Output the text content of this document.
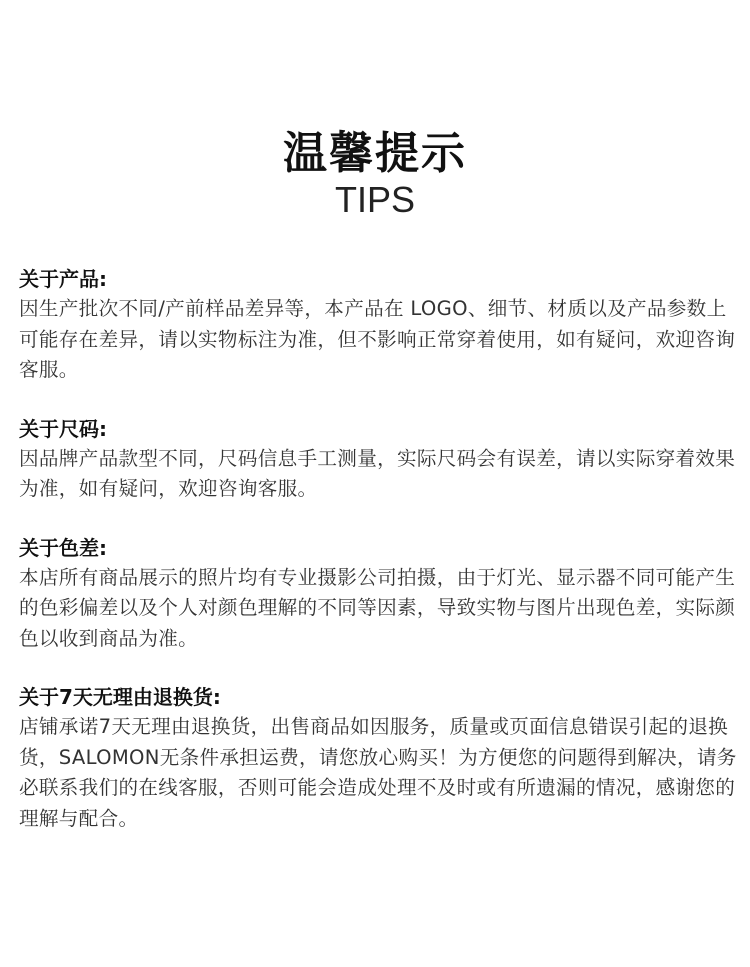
温馨提示
TIPS
关于产品:

因生产批次不同/产前样品差异等，本产品在 LOGO、细节、材质以及产品参数上可能存在差异，请以实物标注为准，但不影响正常穿着使用，如有疑问，欢迎咨询客服。

关于尺码:

因品牌产品款型不同，尺码信息手工测量，实际尺码会有误差，请以实际穿着效果为准，如有疑问，欢迎咨询客服。

关于色差:

本店所有商品展示的照片均有专业摄影公司拍摄，由于灯光、显示器不同可能产生的色彩偏差以及个人对颜色理解的不同等因素，导致实物与图片出现色差，实际颜色以收到商品为准。

关于7天无理由退换货:

店铺承诺7天无理由退换货，出售商品如因服务，质量或页面信息错误引起的退换货，SALOMON无条件承担运费，请您放心购买！为方便您的问题得到解决，请务必联系我们的在线客服，否则可能会造成处理不及时或有所遗漏的情况，感谢您的理解与配合。
